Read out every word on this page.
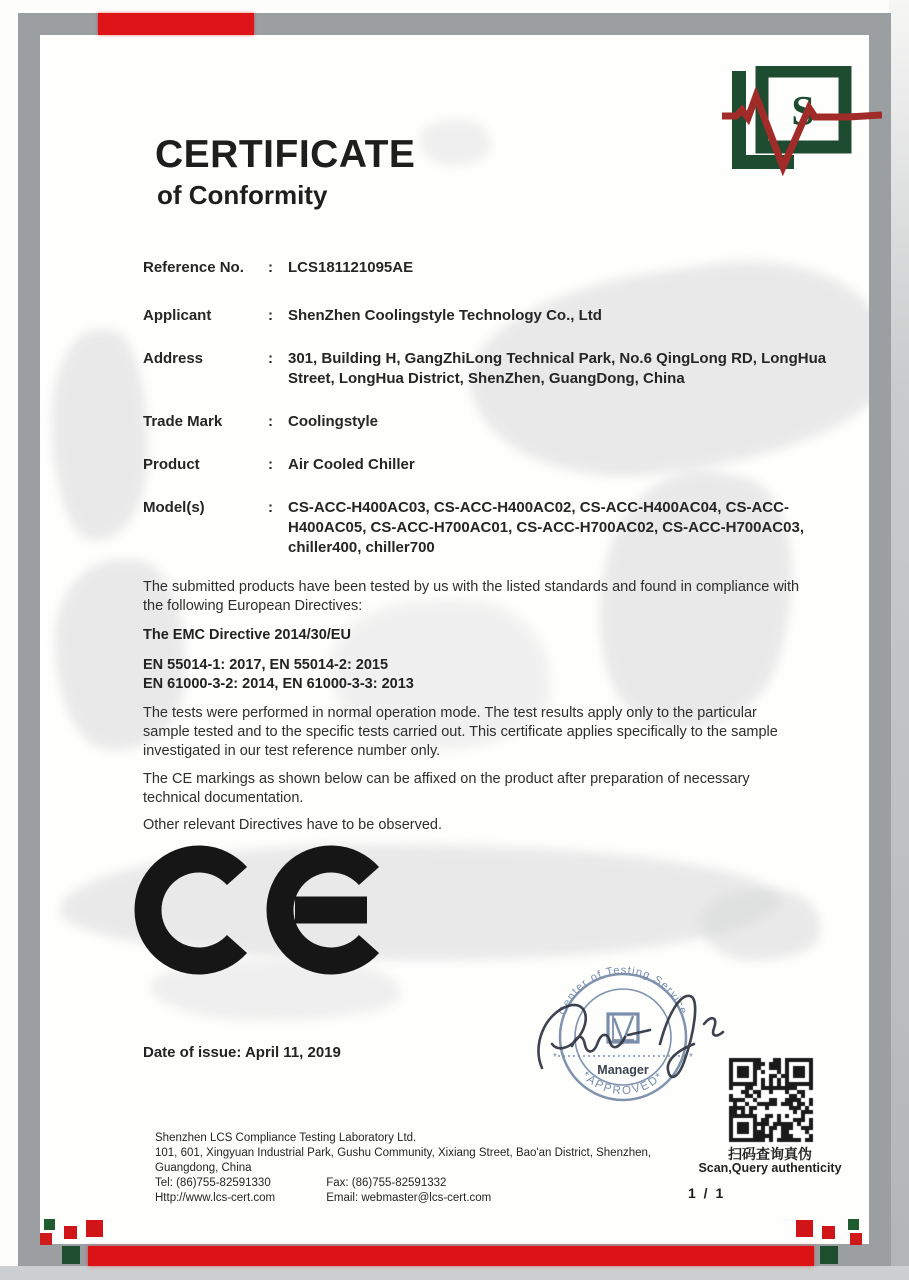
S
CERTIFICATE
of Conformity
Reference No. : LCS181121095AE
Applicant	: ShenZhen Coolingstyle Technology Co., Ltd
Address	: 301, Building H, GangZhiLong Technical Park, No.6 QingLong RD, LongHua Street, LongHua District, ShenZhen, GuangDong, China
Trade Mark	: Coolingstyle
Product	: Air Cooled Chiller
Model(s)	: CS-ACC-H400AC03, CS-ACC-H400AC02, CS-ACC-H400AC04, CS-ACC-H400AC05, CS-ACC-H700AC01, CS-ACC-H700AC02, CS-ACC-H700AC03, chiller400, chiller700
The submitted products have been tested by us with the listed standards and found in compliance with the following European Directives:
The EMC Directive 2014/30/EU
EN 55014-1: 2017, EN 55014-2: 2015
EN 61000-3-2: 2014, EN 61000-3-3: 2013
The tests were performed in normal operation mode. The test results apply only to the particular sample tested and to the specific tests carried out. This certificate applies specifically to the sample investigated in our test reference number only.
The CE markings as shown below can be affixed on the product after preparation of necessary technical documentation.
Other relevant Directives have to be observed.
Date of issue: April 11, 2019
Center of Testing Service
*APPROVED*
*	*
Manager
扫码查询真伪
Scan,Query authenticity
1 / 1
Shenzhen LCS Compliance Testing Laboratory Ltd.
101, 601, Xingyuan Industrial Park, Gushu Community, Xixiang Street, Bao'an District, Shenzhen,
Guangdong, China
Tel: (86)755-82591330	Fax: (86)755-82591332
Http://www.lcs-cert.com	Email: webmaster@lcs-cert.com
